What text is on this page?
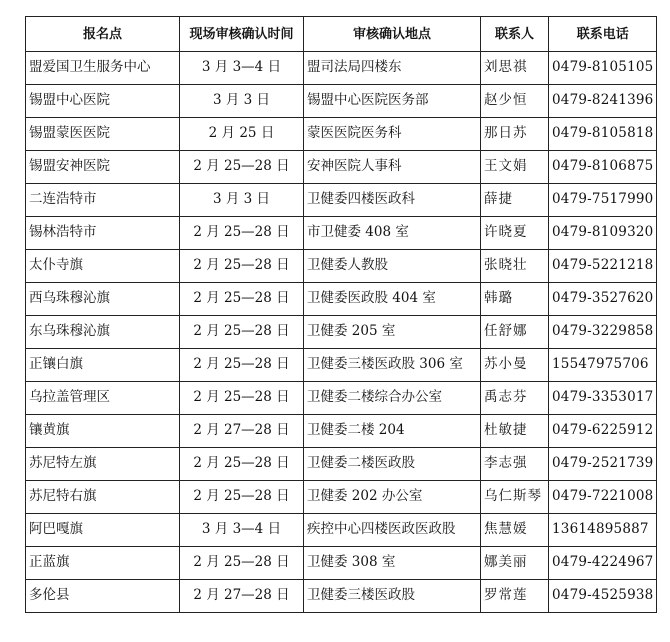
报名点	现场审核确认时间	审核确认地点	联系人	联系电话
盟爱国卫生服务中心	3 月 3—4 日	盟司法局四楼东	刘思祺	0479-8105105
锡盟中心医院	3 月 3 日	锡盟中心医院医务部	赵少恒	0479-8241396
锡盟蒙医医院	2 月 25 日	蒙医医院医务科	那日苏	0479-8105818
锡盟安神医院	2 月 25—28 日	安神医院人事科	王文娟	0479-8106875
二连浩特市	3 月 3 日	卫健委四楼医政科	薛捷	0479-7517990
锡林浩特市	2 月 25—28 日	市卫健委 408 室	许晓夏	0479-8109320
太仆寺旗	2 月 25—28 日	卫健委人教股	张晓壮	0479-5221218
西乌珠穆沁旗	2 月 25—28 日	卫健委医政股 404 室	韩璐	0479-3527620
东乌珠穆沁旗	2 月 25—28 日	卫健委 205 室	任舒娜	0479-3229858
正镶白旗	2 月 25—28 日	卫健委三楼医政股 306 室	苏小曼	15547975706
乌拉盖管理区	2 月 25—28 日	卫健委二楼综合办公室	禹志芬	0479-3353017
镶黄旗	2 月 27—28 日	卫健委二楼 204	杜敏捷	0479-6225912
苏尼特左旗	2 月 25—28 日	卫健委二楼医政股	李志强	0479-2521739
苏尼特右旗	2 月 25—28 日	卫健委 202 办公室	乌仁斯琴	0479-7221008
阿巴嘎旗	3 月 3—4 日	疾控中心四楼医政医政股	焦慧媛	13614895887
正蓝旗	2 月 25—28 日	卫健委 308 室	娜美丽	0479-4224967
多伦县	2 月 27—28 日	卫健委三楼医政股	罗常莲	0479-4525938
